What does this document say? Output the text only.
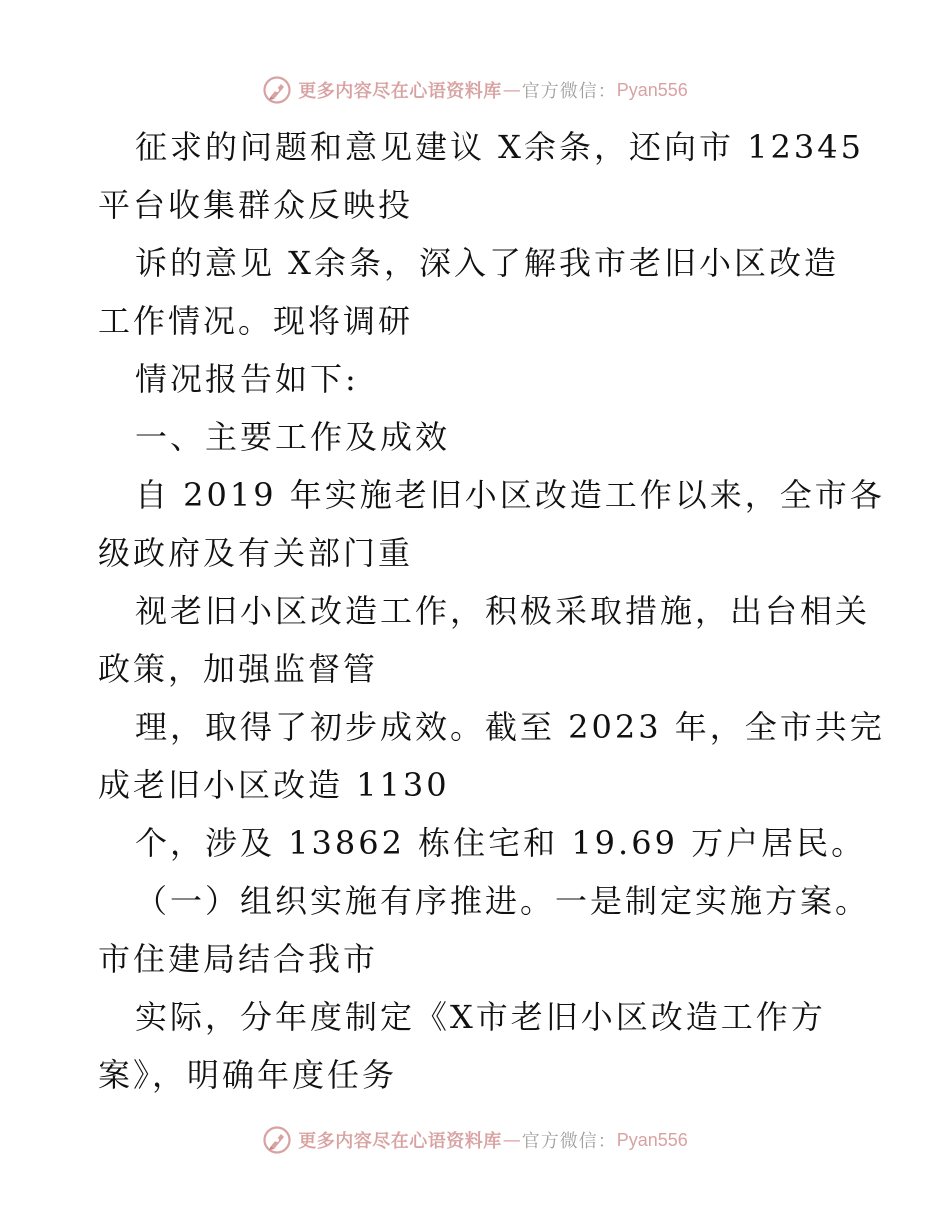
更多内容尽在心语资料库 — 官方微信： Pyan556
征求的问题和意见建议 X余条，还向市 12345
平台收集群众反映投
诉的意见 X余条，深入了解我市老旧小区改造
工作情况。现将调研
情况报告如下:
一、主要工作及成效
自 2019 年实施老旧小区改造工作以来，全市各
级政府及有关部门重
视老旧小区改造工作，积极采取措施，出台相关
政策，加强监督管
理，取得了初步成效。截至 2023 年，全市共完
成老旧小区改造 1130
个，涉及 13862 栋住宅和 19.69 万户居民。
（一）组织实施有序推进。一是制定实施方案。
市住建局结合我市
实际，分年度制定《X市老旧小区改造工作方
案》，明确年度任务
更多内容尽在心语资料库 — 官方微信： Pyan556
